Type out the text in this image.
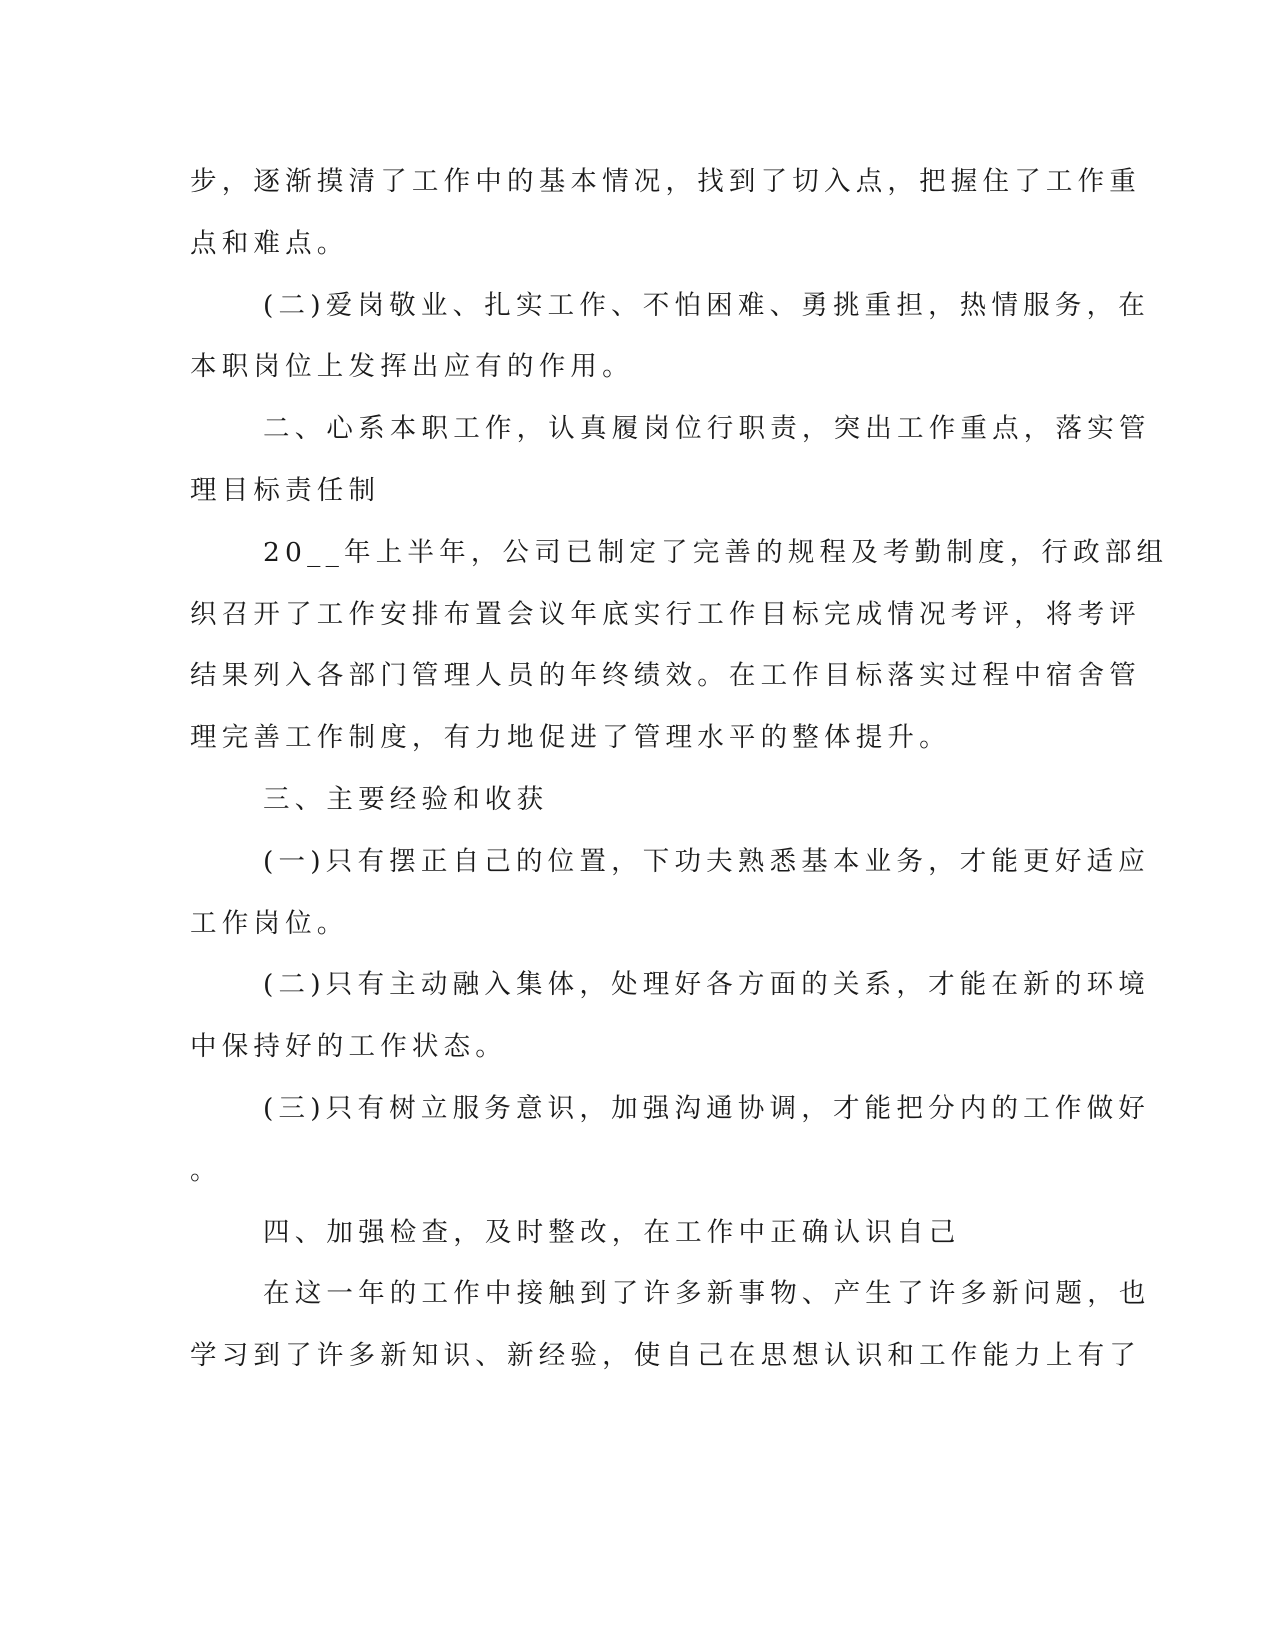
步，逐渐摸清了工作中的基本情况，找到了切入点，把握住了工作重
点和难点。
(二)爱岗敬业、扎实工作、不怕困难、勇挑重担，热情服务，在
本职岗位上发挥出应有的作用。
二、心系本职工作，认真履岗位行职责，突出工作重点，落实管
理目标责任制
20__年上半年，公司已制定了完善的规程及考勤制度，行政部组
织召开了工作安排布置会议年底实行工作目标完成情况考评，将考评
结果列入各部门管理人员的年终绩效。在工作目标落实过程中宿舍管
理完善工作制度，有力地促进了管理水平的整体提升。
三、主要经验和收获
(一)只有摆正自己的位置，下功夫熟悉基本业务，才能更好适应
工作岗位。
(二)只有主动融入集体，处理好各方面的关系，才能在新的环境
中保持好的工作状态。
(三)只有树立服务意识，加强沟通协调，才能把分内的工作做好
。
四、加强检查，及时整改，在工作中正确认识自己
在这一年的工作中接触到了许多新事物、产生了许多新问题，也
学习到了许多新知识、新经验，使自己在思想认识和工作能力上有了
